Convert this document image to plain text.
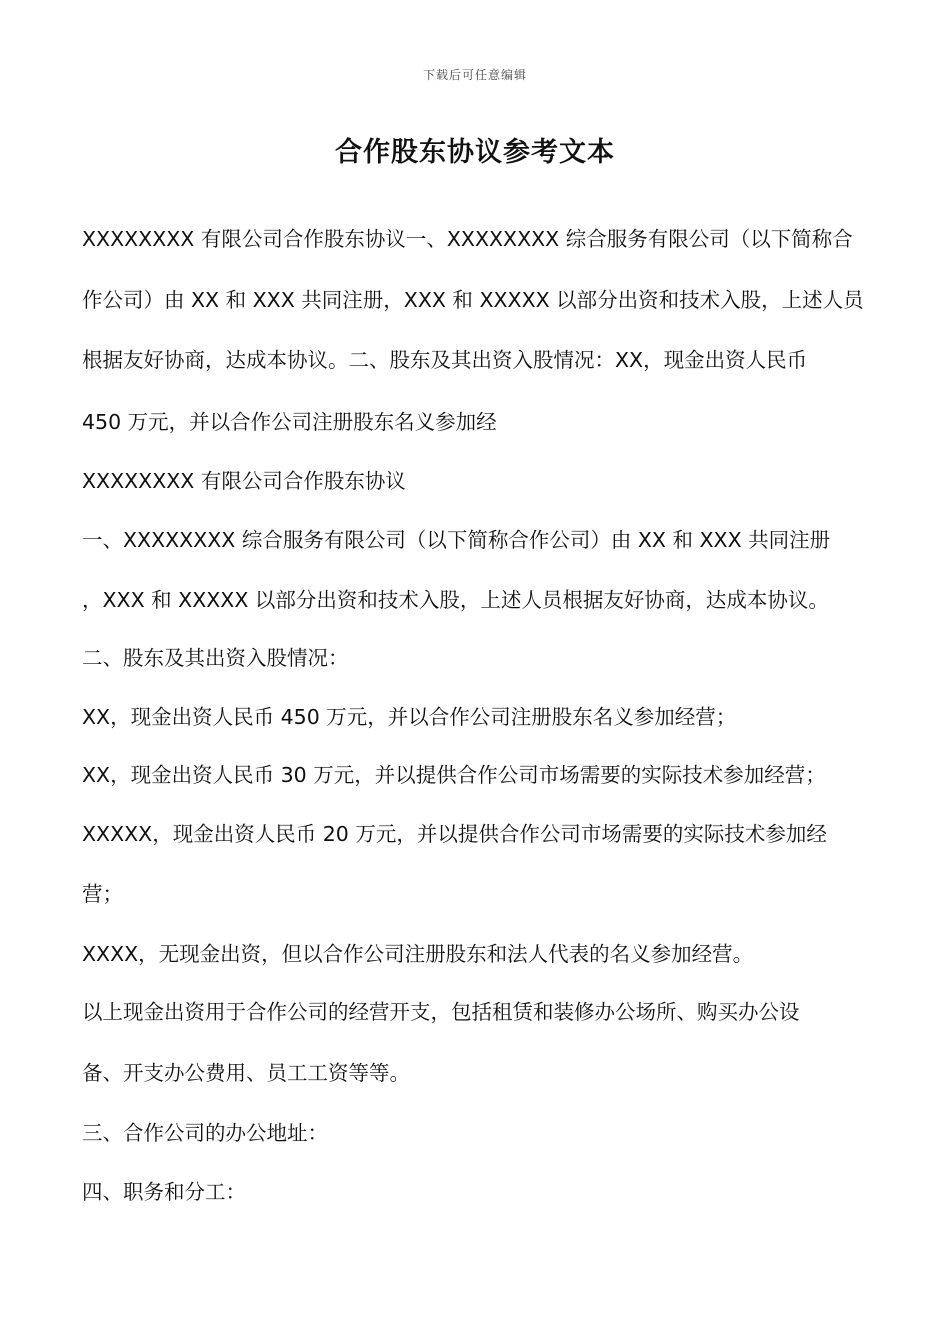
下载后可任意编辑
合作股东协议参考文本
XXXXXXXX 有限公司合作股东协议一、XXXXXXXX 综合服务有限公司（以下简称合
作公司）由 XX 和 XXX 共同注册，XXX 和 XXXXX 以部分出资和技术入股，上述人员
根据友好协商，达成本协议。二、股东及其出资入股情况：XX，现金出资人民币
450 万元，并以合作公司注册股东名义参加经
XXXXXXXX 有限公司合作股东协议
一、XXXXXXXX 综合服务有限公司（以下简称合作公司）由 XX 和 XXX 共同注册
，XXX 和 XXXXX 以部分出资和技术入股，上述人员根据友好协商，达成本协议。
二、股东及其出资入股情况：
XX，现金出资人民币 450 万元，并以合作公司注册股东名义参加经营；
XX，现金出资人民币 30 万元，并以提供合作公司市场需要的实际技术参加经营；
XXXXX，现金出资人民币 20 万元，并以提供合作公司市场需要的实际技术参加经
营；
XXXX，无现金出资，但以合作公司注册股东和法人代表的名义参加经营。
以上现金出资用于合作公司的经营开支，包括租赁和装修办公场所、购买办公设
备、开支办公费用、员工工资等等。
三、合作公司的办公地址：
四、职务和分工：
